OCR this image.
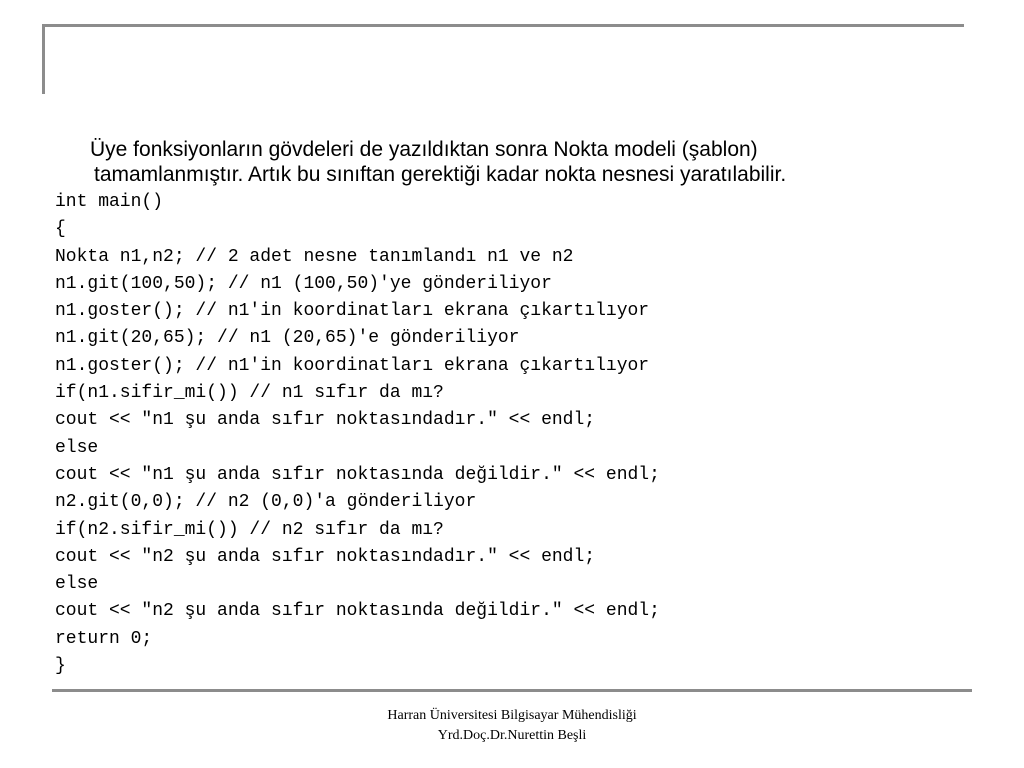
Üye fonksiyonların gövdeleri de yazıldıktan sonra Nokta modeli (şablon)
tamamlanmıştır. Artık bu sınıftan gerektiği kadar nokta nesnesi yaratılabilir.
int main()
{
Nokta n1,n2; // 2 adet nesne tanımlandı n1 ve n2
n1.git(100,50); // n1 (100,50)'ye gönderiliyor
n1.goster(); // n1'in koordinatları ekrana çıkartılıyor
n1.git(20,65); // n1 (20,65)'e gönderiliyor
n1.goster(); // n1'in koordinatları ekrana çıkartılıyor
if(n1.sifir_mi()) // n1 sıfır da mı?
cout << "n1 şu anda sıfır noktasındadır." << endl;
else
cout << "n1 şu anda sıfır noktasında değildir." << endl;
n2.git(0,0); // n2 (0,0)'a gönderiliyor
if(n2.sifir_mi()) // n2 sıfır da mı?
cout << "n2 şu anda sıfır noktasındadır." << endl;
else
cout << "n2 şu anda sıfır noktasında değildir." << endl;
return 0;
}
Harran Üniversitesi Bilgisayar Mühendisliği
Yrd.Doç.Dr.Nurettin Beşli
